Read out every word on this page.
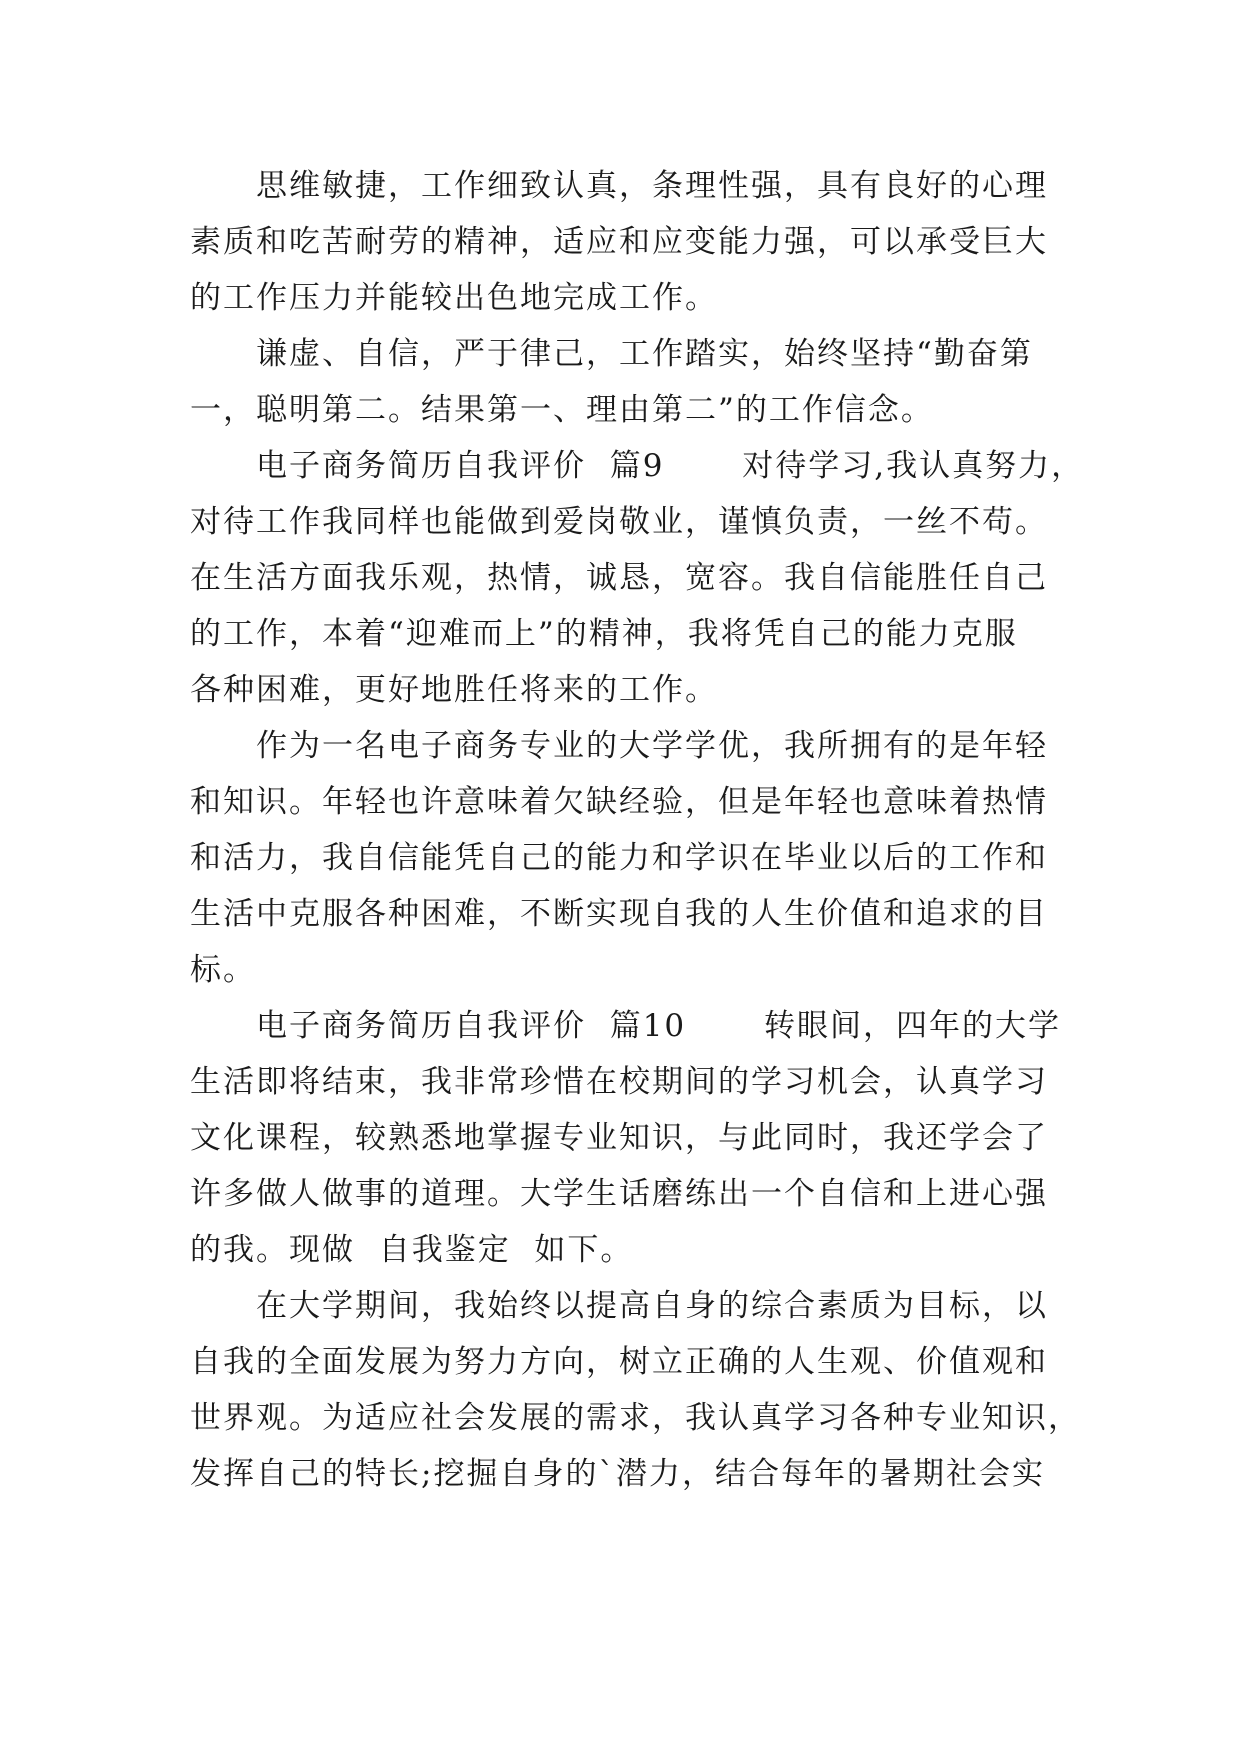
　　思维敏捷，工作细致认真，条理性强，具有良好的心理

素质和吃苦耐劳的精神，适应和应变能力强，可以承受巨大

的工作压力并能较出色地完成工作。

　　谦虚、自信，严于律己，工作踏实，始终坚持“勤奋第

一，聪明第二。结果第一、理由第二”的工作信念。

　　电子商务简历自我评价  篇9　　 对待学习,我认真努力，

对待工作我同样也能做到爱岗敬业，谨慎负责，一丝不苟。

在生活方面我乐观，热情，诚恳，宽容。我自信能胜任自己

的工作，本着“迎难而上”的精神，我将凭自己的能力克服

各种困难，更好地胜任将来的工作。

　　作为一名电子商务专业的大学学优，我所拥有的是年轻

和知识。年轻也许意味着欠缺经验，但是年轻也意味着热情

和活力，我自信能凭自己的能力和学识在毕业以后的工作和

生活中克服各种困难，不断实现自我的人生价值和追求的目

标。

　　电子商务简历自我评价  篇10　　 转眼间，四年的大学

生活即将结束，我非常珍惜在校期间的学习机会，认真学习

文化课程，较熟悉地掌握专业知识，与此同时，我还学会了

许多做人做事的道理。大学生话磨练出一个自信和上进心强

的我。现做  自我鉴定  如下。

　　在大学期间，我始终以提高自身的综合素质为目标，以

自我的全面发展为努力方向，树立正确的人生观、价值观和

世界观。为适应社会发展的需求，我认真学习各种专业知识，

发挥自己的特长;挖掘自身的`潜力，结合每年的暑期社会实
